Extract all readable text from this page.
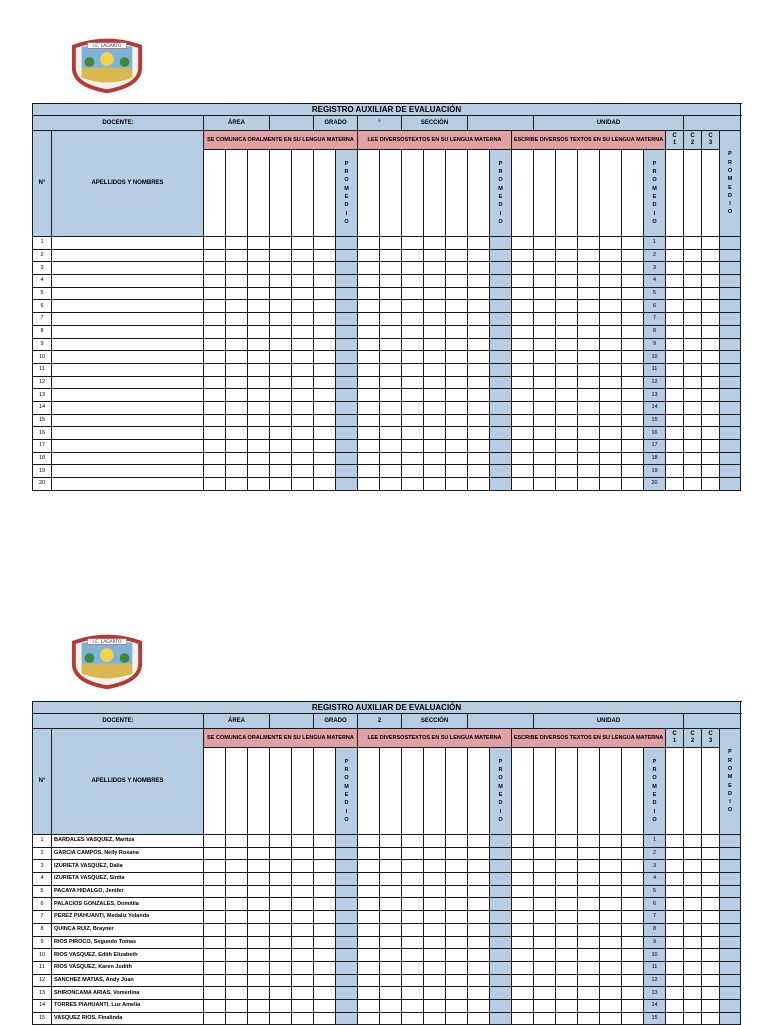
I.E. LAGARTO
REGISTRO AUXILIAR DE EVALUACIÓN																										
DOCENTE:		ÁREA					GRADO		°		SECCIÓN						UNIDAD									
N°	APELLIDOS Y NOMBRES	SE COMUNICA ORALMENTE EN SU LENGUA MATERNA							LEE DIVERSOSTEXTOS EN SU LENGUA MATERNA							ESCRIBE DIVERSOS TEXTOS EN SU LENGUA MATERNA							C 1	C 2	C 3	PROMEDIO

								PROMEDIO							PROMEDIO							PROMEDIO				

1																						1				
2																						2				
3																						3				
4																						4				
5																						5				
6																						6				
7																						7				
8																						8				
9																						9				
10																						10				
11																						11				
12																						12				
13																						13				
14																						14				
15																						15				
16																						16				
17																						17				
18																						18				
19																						19				
20																						20				
I.E. LAGARTO
REGISTRO AUXILIAR DE EVALUACIÓN																										
DOCENTE:		ÁREA					GRADO		2		SECCIÓN						UNIDAD									
N°	APELLIDOS Y NOMBRES	SE COMUNICA ORALMENTE EN SU LENGUA MATERNA							LEE DIVERSOSTEXTOS EN SU LENGUA MATERNA							ESCRIBE DIVERSOS TEXTOS EN SU LENGUA MATERNA							C 1	C 2	C 3	PROMEDIO

								PROMEDIO							PROMEDIO							PROMEDIO				

1	BARDALES VASQUEZ, Maritza																					1				
2	GARCIA CAMPOS, Nelly Roxana																					2				
3	IZURIETA VASQUEZ, Dalia																					3				
4	IZURIETA VASQUEZ, Sintia																					4				
5	PACAYA HIDALGO, Jenifer																					5				
6	PALACIOS GONZALES, Domitila																					6				
7	PEREZ PIAHUANTI, Medaliz Yolanda																					7				
8	QUINCA RUIZ, Brayner																					8				
9	RIOS PIROCO, Segundo Tomas																					9				
10	RIOS VASQUEZ, Edith Elizabeth																					10				
11	RIOS VASQUEZ, Karen Judith																					11				
12	SANCHEZ MATIAS, Andy Juan																					12				
13	SHIRONCAMA ARIAS, Vomerlina																					13				
14	TORRES PIAHUANTI, Luz Amelia																					14				
15	VASQUEZ RIOS, Finalinda																					15				
